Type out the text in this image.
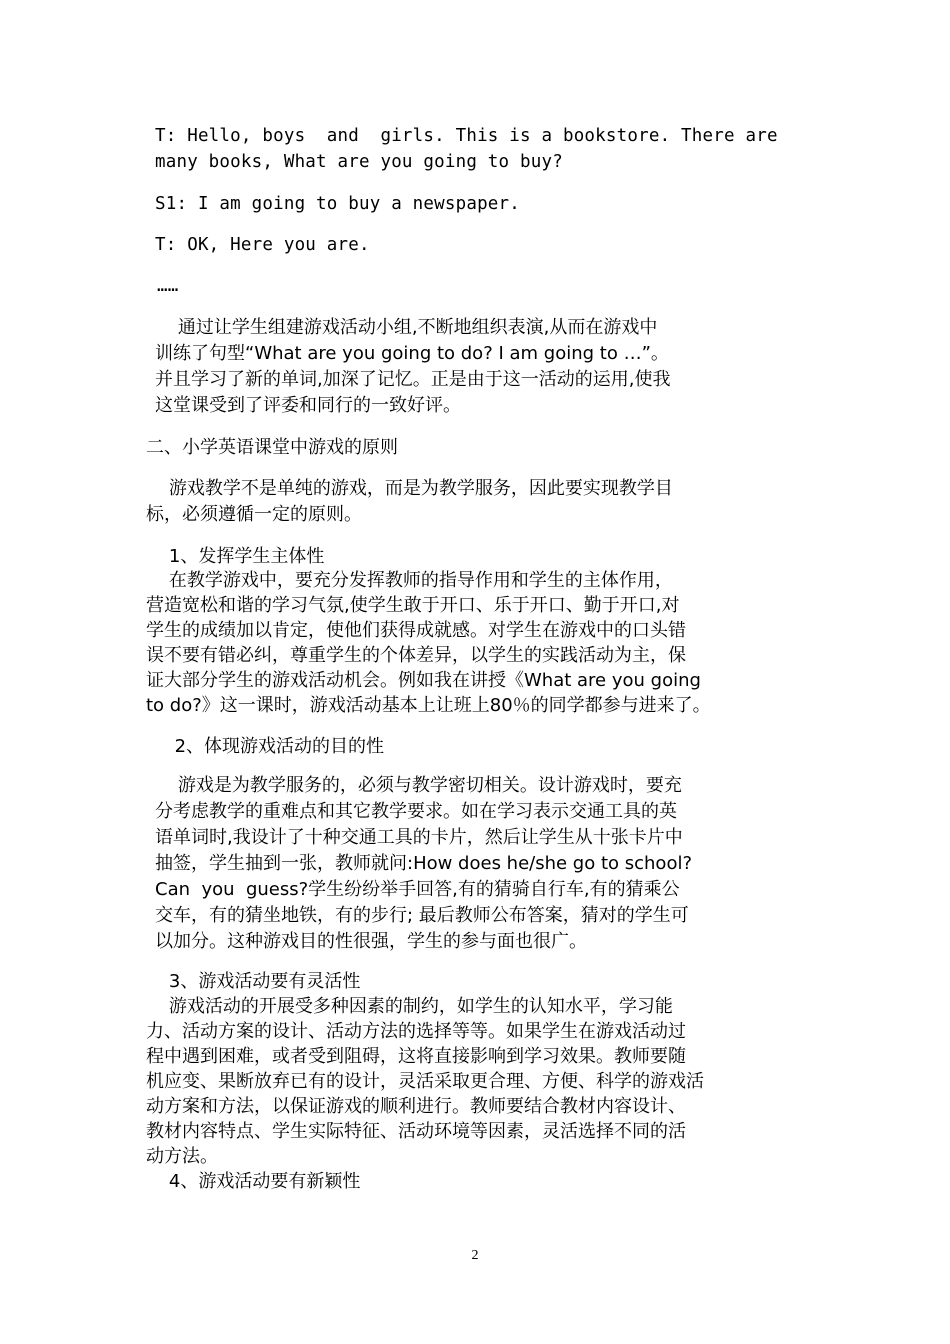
T: Hello, boys  and  girls. This is a bookstore. There are
many books, What are you going to buy?
S1: I am going to buy a newspaper.
T: OK, Here you are.
……
通过让学生组建游戏活动小组,不断地组织表演,从而在游戏中
训练了句型“What are you going to do? I am going to …”。
并且学习了新的单词,加深了记忆。正是由于这一活动的运用,使我
这堂课受到了评委和同行的一致好评。
二、小学英语课堂中游戏的原则
游戏教学不是单纯的游戏，而是为教学服务，因此要实现教学目
标，必须遵循一定的原则。
1、发挥学生主体性
在教学游戏中，要充分发挥教师的指导作用和学生的主体作用，
营造宽松和谐的学习气氛,使学生敢于开口、乐于开口、勤于开口,对
学生的成绩加以肯定，使他们获得成就感。对学生在游戏中的口头错
误不要有错必纠，尊重学生的个体差异，以学生的实践活动为主，保
证大部分学生的游戏活动机会。例如我在讲授《What are you going
to do?》这一课时，游戏活动基本上让班上80％的同学都参与进来了。
2、体现游戏活动的目的性
游戏是为教学服务的，必须与教学密切相关。设计游戏时，要充
分考虑教学的重难点和其它教学要求。如在学习表示交通工具的英
语单词时,我设计了十种交通工具的卡片，然后让学生从十张卡片中
抽签，学生抽到一张，教师就问:How does he/she go to school?
Can  you  guess?学生纷纷举手回答,有的猜骑自行车,有的猜乘公
交车，有的猜坐地铁，有的步行; 最后教师公布答案，猜对的学生可
以加分。这种游戏目的性很强，学生的参与面也很广。
3、游戏活动要有灵活性
游戏活动的开展受多种因素的制约，如学生的认知水平，学习能
力、活动方案的设计、活动方法的选择等等。如果学生在游戏活动过
程中遇到困难，或者受到阻碍，这将直接影响到学习效果。教师要随
机应变、果断放弃已有的设计，灵活采取更合理、方便、科学的游戏活
动方案和方法，以保证游戏的顺利进行。教师要结合教材内容设计、
教材内容特点、学生实际特征、活动环境等因素，灵活选择不同的活
动方法。
4、游戏活动要有新颖性
2
